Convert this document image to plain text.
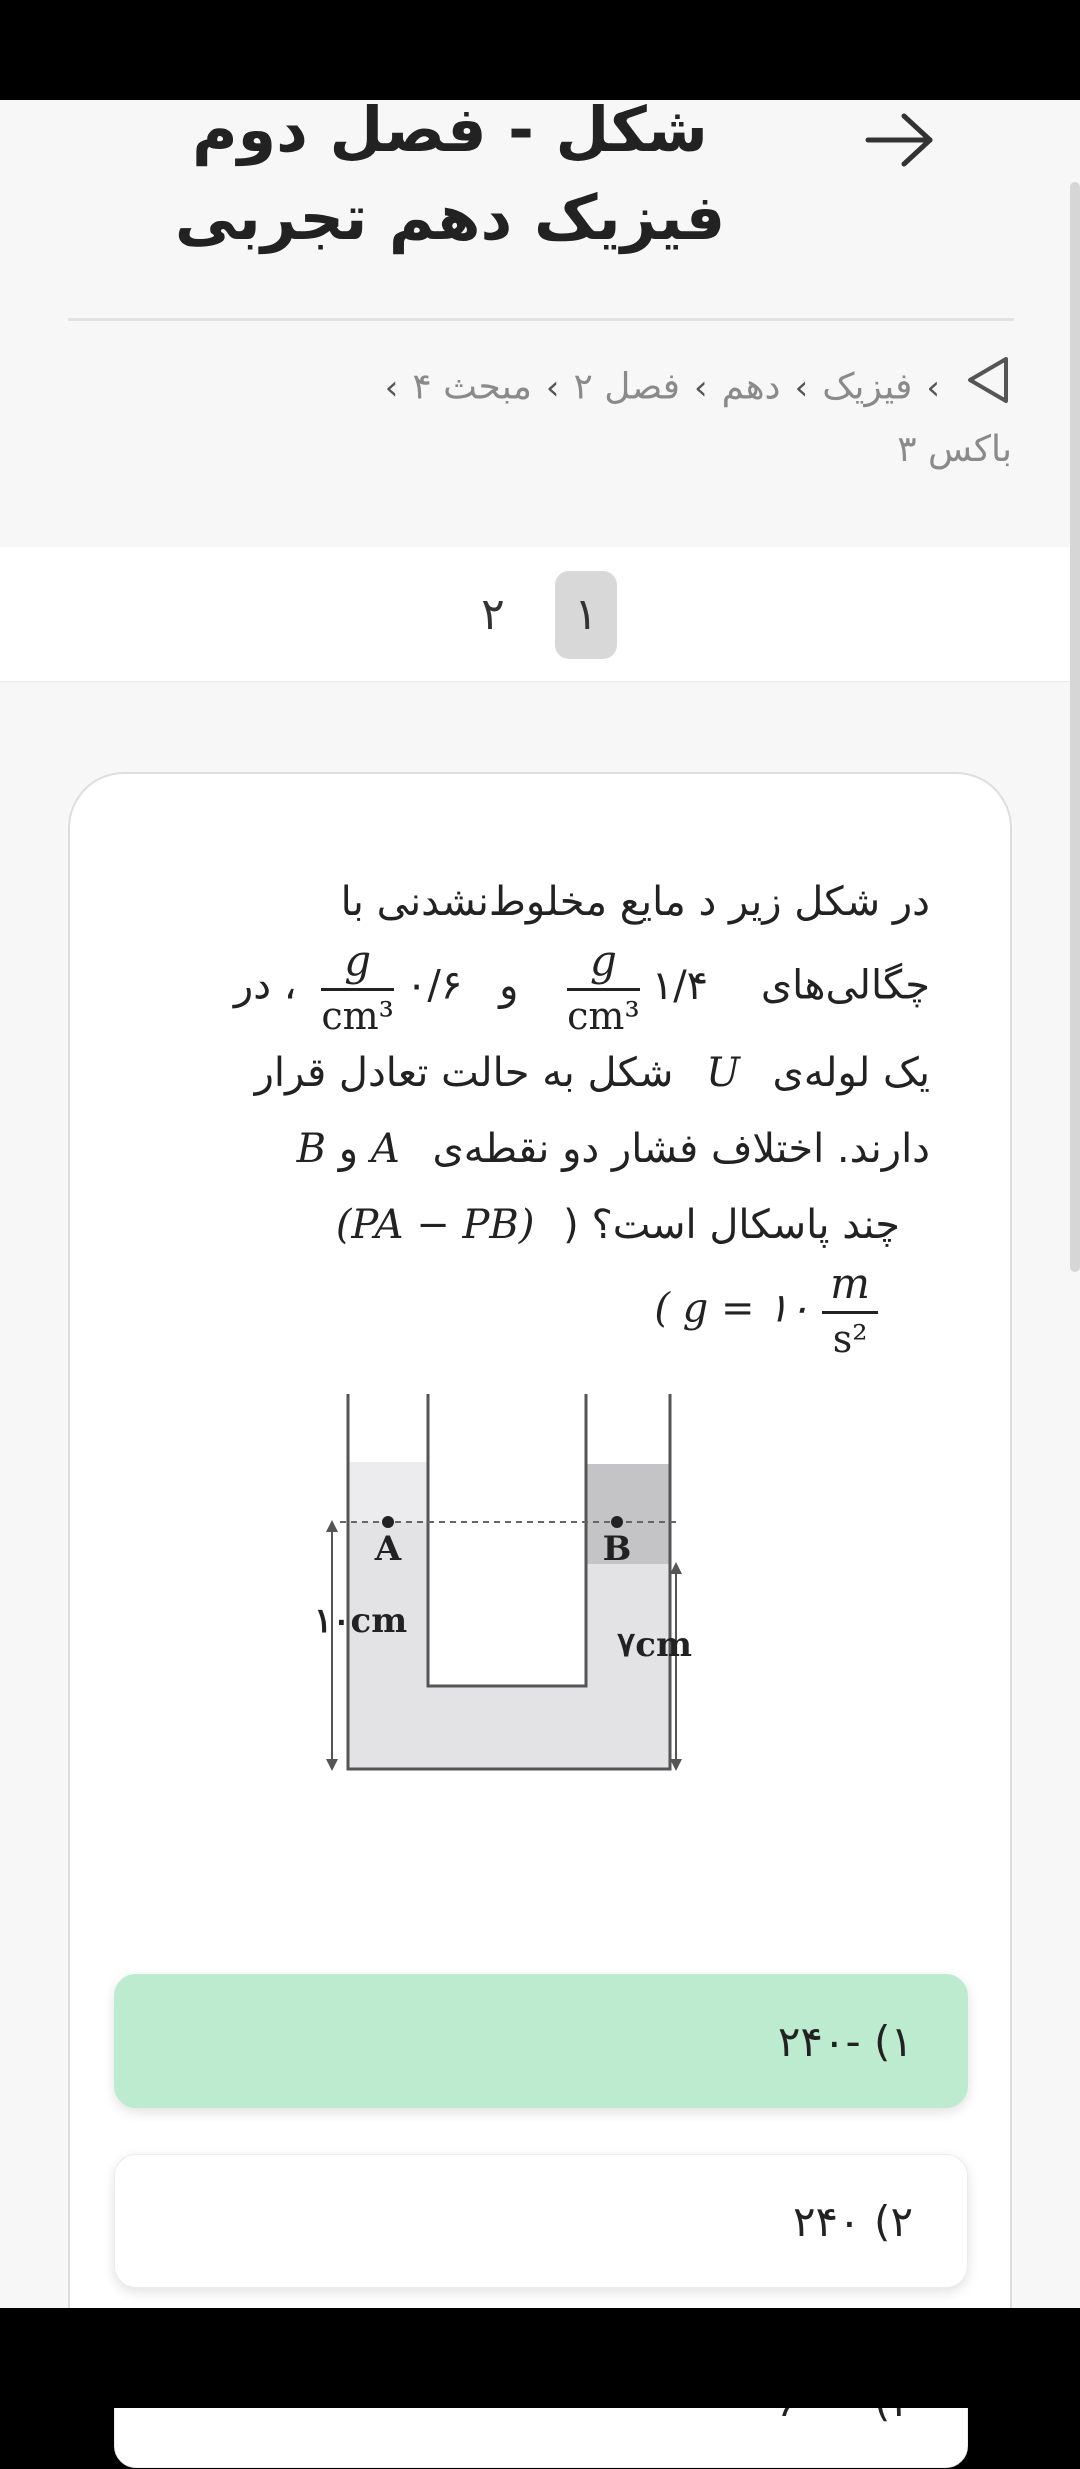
شکل - فصل دوم فیزیک دهم تجربی
›فیزیک›دهم›فصل ۲›مبحث ۴›
باکس ۳
۱
۲
در شکل زیر د مایع مخلوط‌نشدنی با
چگالی‌های ۱/۴
$\frac{g}{\text{cm³}}$
و ۰/۶
$\frac{g}{\text{cm³}}$
، در
یک لوله‌ی U شکل به حالت تعادل قرار
دارند. اختلاف فشار دو نقطه‌ی A و B
چند پاسکال است؟ ( (PA − PB)
( g = ۱۰ $\frac{m}{\text{s²}}$
A	B
۱۰cm
۷cm
۱) -۲۴۰
۲) ۲۴۰
